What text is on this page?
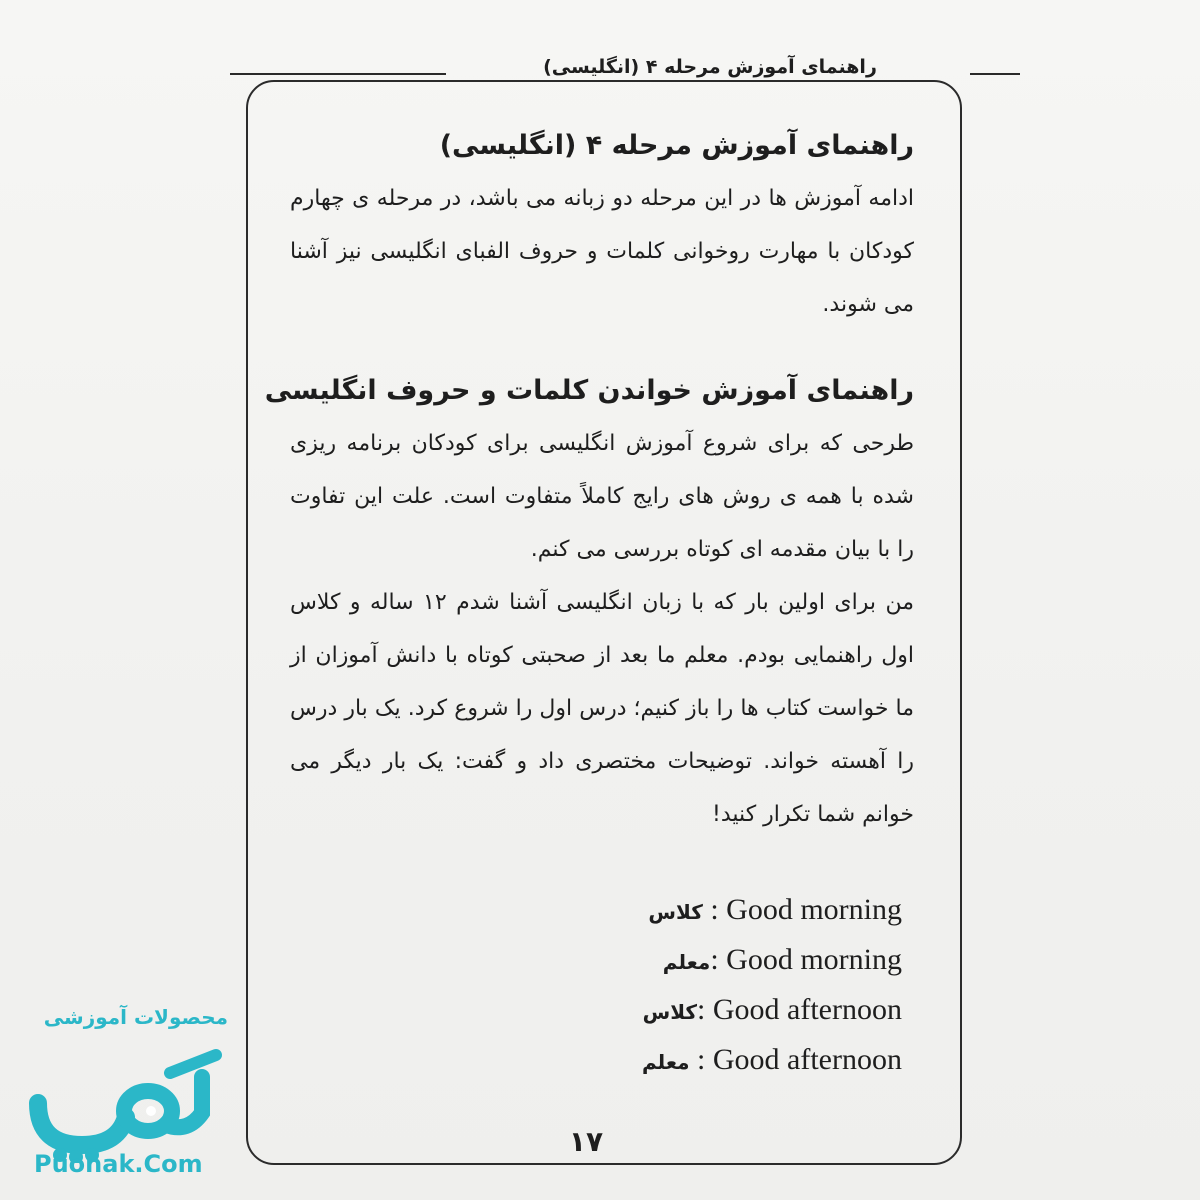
راهنمای آموزش مرحله ۴ (انگلیسی)
راهنمای آموزش مرحله ۴ (انگلیسی)

ادامه آموزش ها در این مرحله دو زبانه می باشد، در مرحله ی چهارم کودکان با مهارت روخوانی کلمات و حروف الفبای انگلیسی نیز آشنا می شوند.

راهنمای آموزش خواندن کلمات و حروف انگلیسی

طرحی که برای شروع آموزش انگلیسی برای کودکان برنامه ریزی شده با همه ی روش های رایج کاملاً متفاوت است. علت این تفاوت را با بیان مقدمه ای کوتاه بررسی می کنم.

من برای اولین بار که با زبان انگلیسی آشنا شدم ۱۲ ساله و کلاس اول راهنمایی بودم. معلم ما بعد از صحبتی کوتاه با دانش آموزان از ما خواست کتاب ها را باز کنیم؛ درس اول را شروع کرد. یک بار درس را آهسته خواند. توضیحات مختصری داد و گفت: یک بار دیگر می خوانم شما تکرار کنید!

کلاس : Good morning
معلم: Good morning
کلاس: Good afternoon
معلم : Good afternoon
۱۷
محصولات آموزشی
Puonak.Com
